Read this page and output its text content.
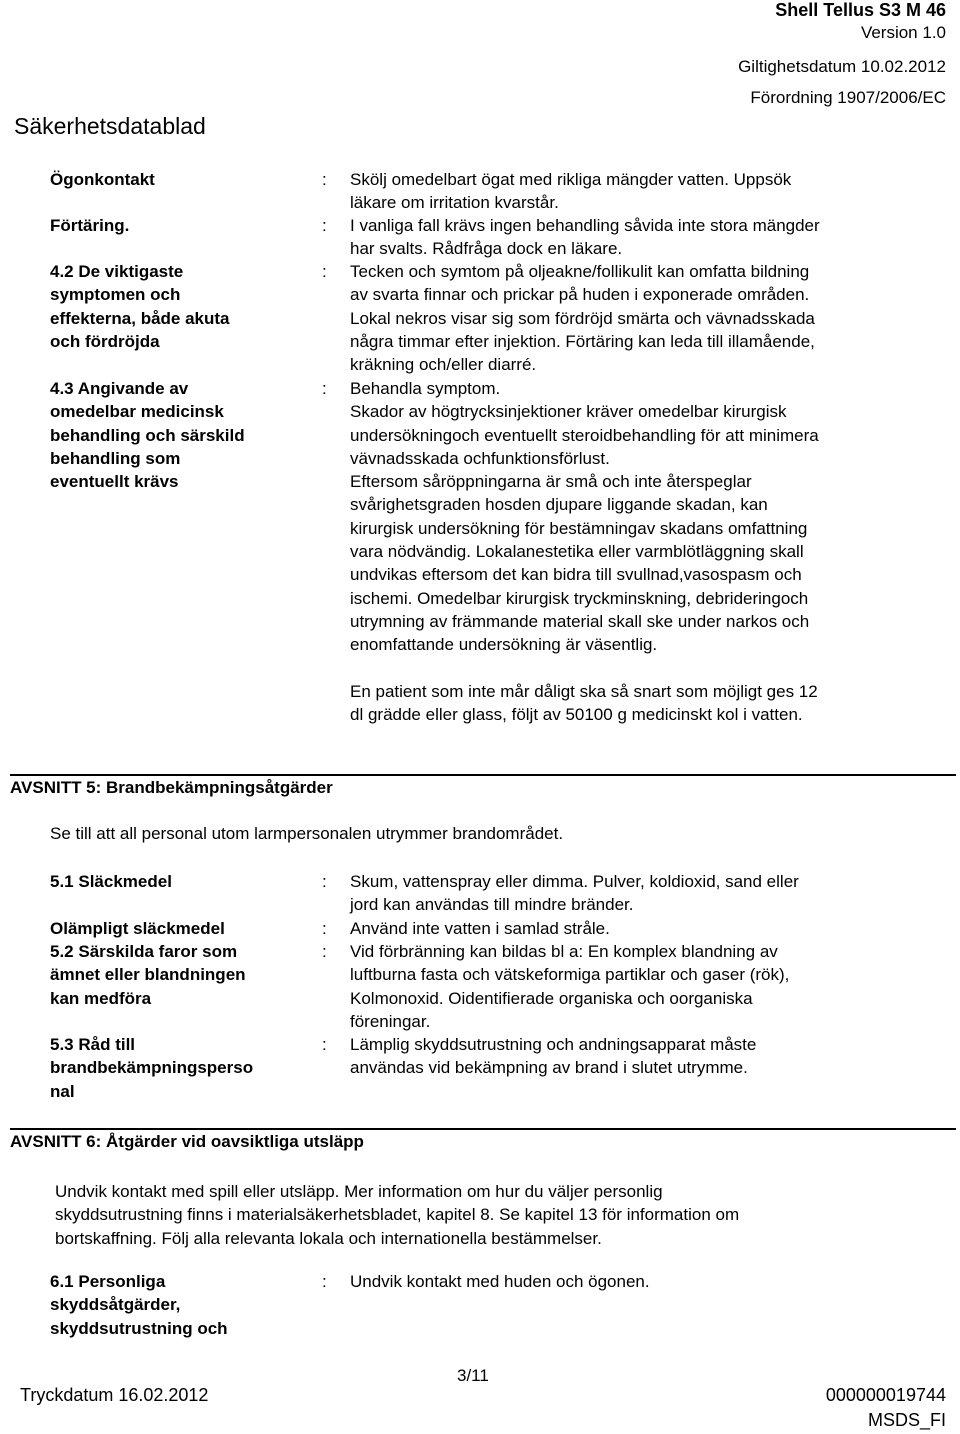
Shell Tellus S3 M 46
Version 1.0
Giltighetsdatum 10.02.2012
Förordning 1907/2006/EC
Säkerhetsdatablad
Ögonkontakt	: Skölj omedelbart ögat med rikliga mängder vatten. Uppsök
läkare om irritation kvarstår.
Förtäring.	: I vanliga fall krävs ingen behandling såvida inte stora mängder
har svalts. Rådfråga dock en läkare.
4.2 De viktigaste
symptomen och
effekterna, både akuta
och fördröjda
: Tecken och symtom på oljeakne/follikulit kan omfatta bildning
av svarta finnar och prickar på huden i exponerade områden.
Lokal nekros visar sig som fördröjd smärta och vävnadsskada
några timmar efter injektion. Förtäring kan leda till illamående,
kräkning och/eller diarré.
4.3 Angivande av
omedelbar medicinsk
behandling och särskild
behandling som
eventuellt krävs
: Behandla symptom.
Skador av högtrycksinjektioner kräver omedelbar kirurgisk
undersökningoch eventuellt steroidbehandling för att minimera
vävnadsskada ochfunktionsförlust.
Eftersom såröppningarna är små och inte återspeglar
svårighetsgraden hosden djupare liggande skadan, kan
kirurgisk undersökning för bestämningav skadans omfattning
vara nödvändig. Lokalanestetika eller varmblötläggning skall
undvikas eftersom det kan bidra till svullnad,vasospasm och
ischemi. Omedelbar kirurgisk tryckminskning, debrideringoch
utrymning av främmande material skall ske under narkos och
enomfattande undersökning är väsentlig.
En patient som inte mår dåligt ska så snart som möjligt ges 12
dl grädde eller glass, följt av 50100 g medicinskt kol i vatten.
AVSNITT 5: Brandbekämpningsåtgärder
Se till att all personal utom larmpersonalen utrymmer brandområdet.
5.1 Släckmedel	: Skum, vattenspray eller dimma. Pulver, koldioxid, sand eller
jord kan användas till mindre bränder.
Olämpligt släckmedel	: Använd inte vatten i samlad stråle.
5.2 Särskilda faror som
ämnet eller blandningen
kan medföra
: Vid förbränning kan bildas bl a: En komplex blandning av
luftburna fasta och vätskeformiga partiklar och gaser (rök),
Kolmonoxid. Oidentifierade organiska och oorganiska
föreningar.
5.3 Råd till
brandbekämpningsperso
nal
: Lämplig skyddsutrustning och andningsapparat måste
användas vid bekämpning av brand i slutet utrymme.
AVSNITT 6: Åtgärder vid oavsiktliga utsläpp
Undvik kontakt med spill eller utsläpp. Mer information om hur du väljer personlig
skyddsutrustning finns i materialsäkerhetsbladet, kapitel 8. Se kapitel 13 för information om
bortskaffning. Följ alla relevanta lokala och internationella bestämmelser.
6.1 Personliga
skyddsåtgärder,
skyddsutrustning och
: Undvik kontakt med huden och ögonen.
3/11
Tryckdatum 16.02.2012	000000019744
MSDS_FI
